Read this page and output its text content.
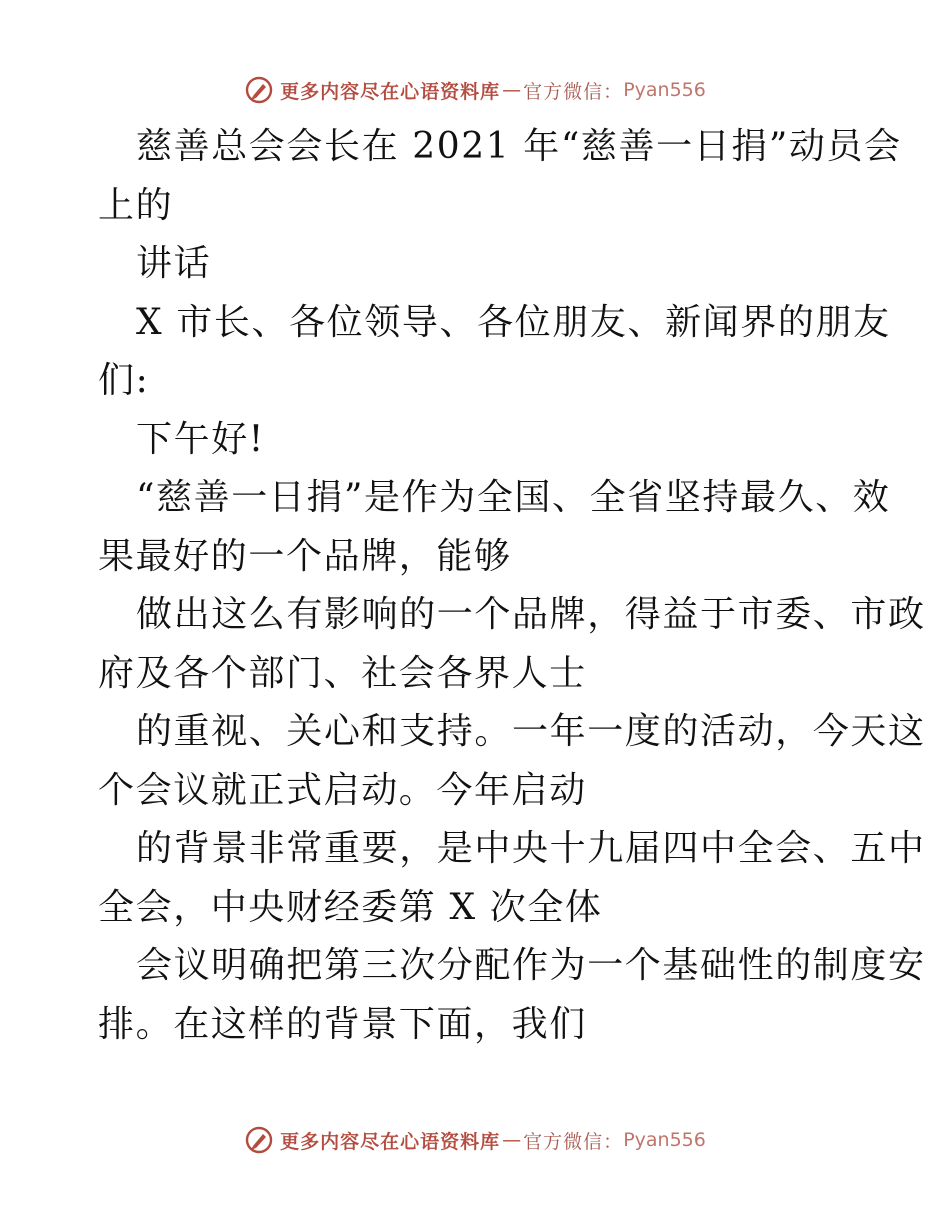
更多内容尽在心语资料库 — 官方微信： Pyan556
慈善总会会长在 2021 年“慈善一日捐”动员会
上的
讲话
X 市长、各位领导、各位朋友、新闻界的朋友
们:
下午好!
“慈善一日捐”是作为全国、全省坚持最久、效
果最好的一个品牌，能够
做出这么有影响的一个品牌，得益于市委、市政
府及各个部门、社会各界人士
的重视、关心和支持。一年一度的活动，今天这
个会议就正式启动。今年启动
的背景非常重要，是中央十九届四中全会、五中
全会，中央财经委第 X 次全体
会议明确把第三次分配作为一个基础性的制度安
排。在这样的背景下面，我们
更多内容尽在心语资料库 — 官方微信： Pyan556
